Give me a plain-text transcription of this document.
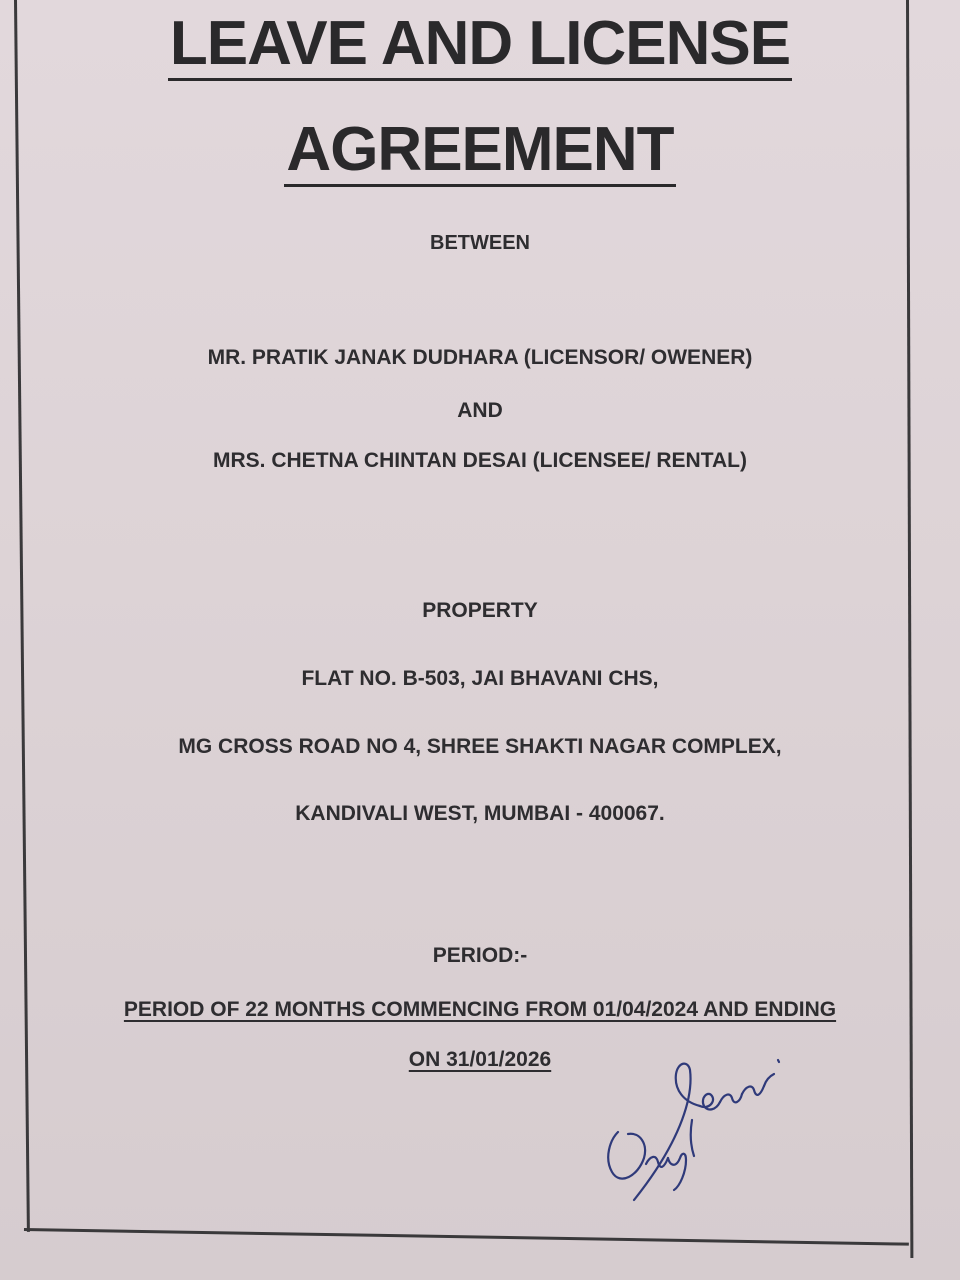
LEAVE AND LICENSE
AGREEMENT
BETWEEN
MR. PRATIK JANAK DUDHARA (LICENSOR/ OWENER)
AND
MRS. CHETNA CHINTAN DESAI (LICENSEE/ RENTAL)
PROPERTY
FLAT NO. B-503, JAI BHAVANI CHS,
MG CROSS ROAD NO 4, SHREE SHAKTI NAGAR COMPLEX,
KANDIVALI WEST, MUMBAI - 400067.
PERIOD:-
PERIOD OF 22 MONTHS COMMENCING FROM 01/04/2024 AND ENDING
ON 31/01/2026
